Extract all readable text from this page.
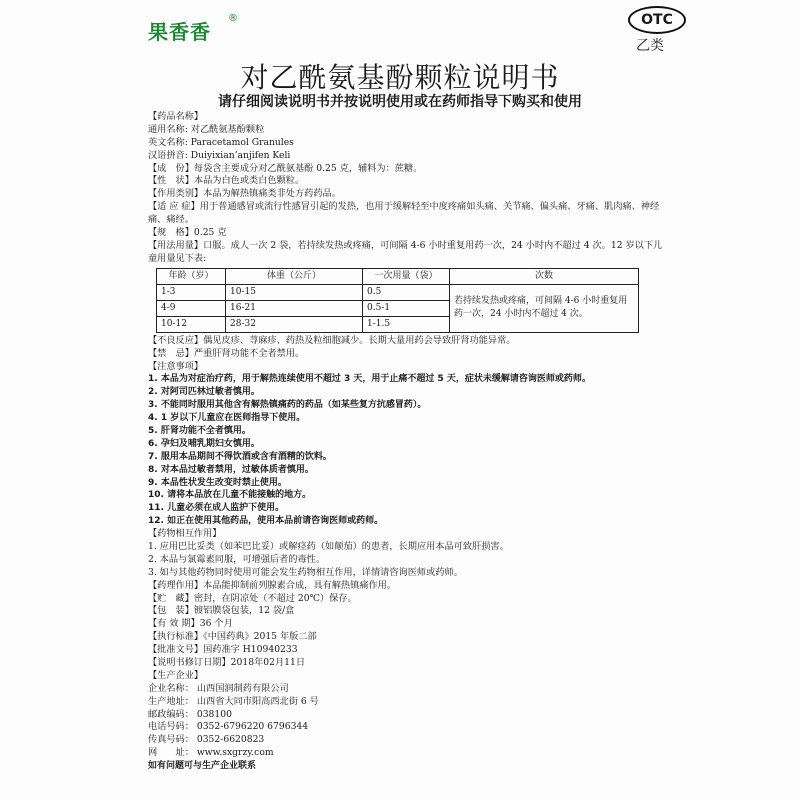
果香香
®	OTC
乙类
对乙酰氨基酚颗粒说明书
请仔细阅读说明书并按说明使用或在药师指导下购买和使用
【药品名称】
通用名称: 对乙酰氨基酚颗粒
英文名称: Paracetamol Granules
汉语拼音: Duiyixian’anjifen Keli
【成　份】每袋含主要成分对乙酰氨基酚 0.25 克，辅料为：蔗糖。
【性　状】本品为白色或类白色颗粒。
【作用类别】本品为解热镇痛类非处方药药品。
【适 应 症】用于普通感冒或流行性感冒引起的发热，也用于缓解轻至中度疼痛如头痛、关节痛、偏头痛、牙痛、肌肉痛、神经痛、痛经。
【规　格】0.25 克
【用法用量】口服。成人一次 2 袋，若持续发热或疼痛，可间隔 4-6 小时重复用药一次，24 小时内不超过 4 次。12 岁以下儿童用量见下表:
年龄（岁）	体重（公斤）	一次用量（袋）	次数
1-3	10-15	0.5	若持续发热或疼痛，可间隔 4-6 小时重复用药一次，24 小时内不超过 4 次。
4-9	16-21	0.5-1	
10-12	28-32	1-1.5	
【不良反应】偶见皮疹、荨麻疹、药热及粒细胞减少。长期大量用药会导致肝肾功能异常。
【禁　忌】严重肝肾功能不全者禁用。
【注意事项】
1. 本品为对症治疗药，用于解热连续使用不超过 3 天，用于止痛不超过 5 天，症状未缓解请咨询医师或药师。
2. 对阿司匹林过敏者慎用。
3. 不能同时服用其他含有解热镇痛药的药品（如某些复方抗感冒药）。
4. 1 岁以下儿童应在医师指导下使用。
5. 肝肾功能不全者慎用。
6. 孕妇及哺乳期妇女慎用。
7. 服用本品期间不得饮酒或含有酒精的饮料。
8. 对本品过敏者禁用，过敏体质者慎用。
9. 本品性状发生改变时禁止使用。
10. 请将本品放在儿童不能接触的地方。
11. 儿童必须在成人监护下使用。
12. 如正在使用其他药品，使用本品前请咨询医师或药师。
【药物相互作用】
1. 应用巴比妥类（如苯巴比妥）或解痉药（如颠茄）的患者，长期应用本品可致肝损害。
2. 本品与氯霉素同服，可增强后者的毒性。
3. 如与其他药物同时使用可能会发生药物相互作用，详情请咨询医师或药师。
【药理作用】本品能抑制前列腺素合成，具有解热镇痛作用。
【贮　藏】密封，在阴凉处（不超过 20℃）保存。
【包　装】镀铝膜袋包装，12 袋/盒
【有 效 期】36 个月
【执行标准】《中国药典》2015 年版二部
【批准文号】国药准字 H10940233
【说明书修订日期】2018年02月11日
【生产企业】
企业名称： 山西国润制药有限公司
生产地址： 山西省大同市阳高西北街 6 号
邮政编码： 038100
电话号码： 0352-6796220 6796344
传真号码： 0352-6620823
网　　址： www.sxgrzy.com
如有问题可与生产企业联系
